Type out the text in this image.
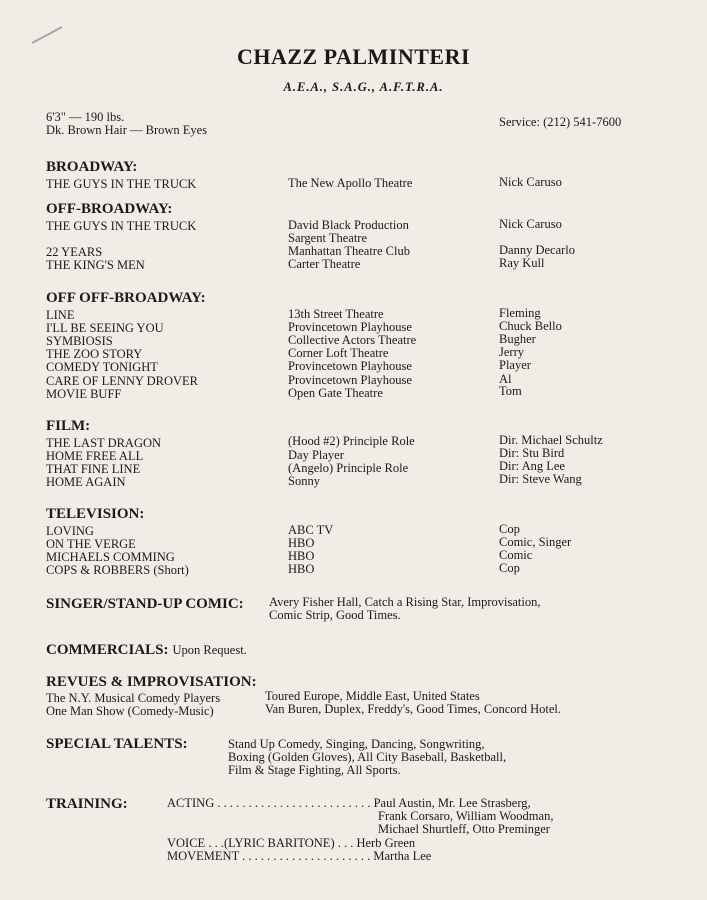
CHAZZ PALMINTERI
A.E.A., S.A.G., A.F.T.R.A.
6'3" — 190 lbs.
Dk. Brown Hair — Brown Eyes
Service: (212) 541-7600
BROADWAY:
THE GUYS IN THE TRUCK	The New Apollo Theatre	Nick Caruso
OFF-BROADWAY:
THE GUYS IN THE TRUCK	David Black Production	Nick Caruso
Sargent Theatre
22 YEARS	Manhattan Theatre Club	Danny Decarlo
THE KING'S MEN	Carter Theatre	Ray Kull
OFF OFF-BROADWAY:
LINE	13th Street Theatre	Fleming
I'LL BE SEEING YOU	Provincetown Playhouse	Chuck Bello
SYMBIOSIS	Collective Actors Theatre	Bugher
THE ZOO STORY	Corner Loft Theatre	Jerry
COMEDY TONIGHT	Provincetown Playhouse	Player
CARE OF LENNY DROVER	Provincetown Playhouse	Al
MOVIE BUFF	Open Gate Theatre	Tom
FILM:
THE LAST DRAGON	(Hood #2) Principle Role	Dir. Michael Schultz
HOME FREE ALL	Day Player	Dir: Stu Bird
THAT FINE LINE	(Angelo) Principle Role	Dir: Ang Lee
HOME AGAIN	Sonny	Dir: Steve Wang
TELEVISION:
LOVING	ABC TV	Cop
ON THE VERGE	HBO	Comic, Singer
MICHAELS COMMING	HBO	Comic
COPS & ROBBERS (Short)	HBO	Cop
SINGER/STAND-UP COMIC: Avery Fisher Hall, Catch a Rising Star, Improvisation,
Comic Strip, Good Times.
COMMERCIALS: Upon Request.
REVUES & IMPROVISATION:
The N.Y. Musical Comedy Players	Toured Europe, Middle East, United States
One Man Show (Comedy-Music)	Van Buren, Duplex, Freddy's, Good Times, Concord Hotel.
SPECIAL TALENTS:	Stand Up Comedy, Singing, Dancing, Songwriting,
Boxing (Golden Gloves), All City Baseball, Basketball,
Film & Stage Fighting, All Sports.
TRAINING:	ACTING . . . . . . . . . . . . . . . . . . . . . . . . . Paul Austin, Mr. Lee Strasberg,
Frank Corsaro, William Woodman,
Michael Shurtleff, Otto Preminger
VOICE . . .(LYRIC BARITONE) . . . Herb Green
MOVEMENT . . . . . . . . . . . . . . . . . . . . . Martha Lee
